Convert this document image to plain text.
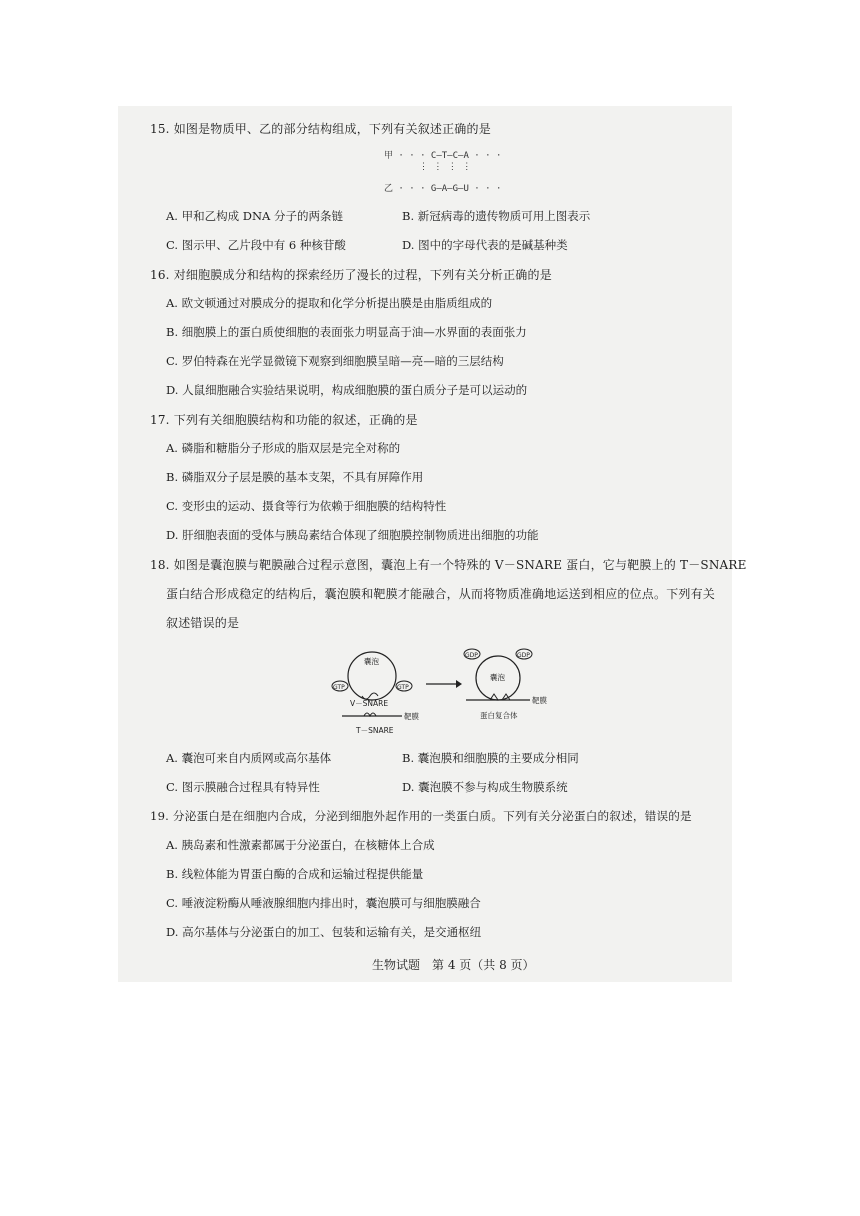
15. 如图是物质甲、乙的部分结构组成，下列有关叙述正确的是
甲 · · · C—T—C—A · · ·
⋮ ⋮ ⋮ ⋮
乙 · · · G—A—G—U · · ·
A. 甲和乙构成 DNA 分子的两条链	B. 新冠病毒的遗传物质可用上图表示
C. 图示甲、乙片段中有 6 种核苷酸	D. 图中的字母代表的是碱基种类
16. 对细胞膜成分和结构的探索经历了漫长的过程，下列有关分析正确的是
A. 欧文顿通过对膜成分的提取和化学分析提出膜是由脂质组成的
B. 细胞膜上的蛋白质使细胞的表面张力明显高于油—水界面的表面张力
C. 罗伯特森在光学显微镜下观察到细胞膜呈暗—亮—暗的三层结构
D. 人鼠细胞融合实验结果说明，构成细胞膜的蛋白质分子是可以运动的
17. 下列有关细胞膜结构和功能的叙述，正确的是
A. 磷脂和糖脂分子形成的脂双层是完全对称的
B. 磷脂双分子层是膜的基本支架，不具有屏障作用
C. 变形虫的运动、摄食等行为依赖于细胞膜的结构特性
D. 肝细胞表面的受体与胰岛素结合体现了细胞膜控制物质进出细胞的功能
18. 如图是囊泡膜与靶膜融合过程示意图，囊泡上有一个特殊的 V－SNARE 蛋白，它与靶膜上的 T－SNARE
蛋白结合形成稳定的结构后，囊泡膜和靶膜才能融合，从而将物质准确地运送到相应的位点。下列有关
叙述错误的是
囊泡
GTP	GTP
V－SNARE
靶膜
T－SNARE
囊泡
GDP	GDP
靶膜
蛋白复合体
A. 囊泡可来自内质网或高尔基体	B. 囊泡膜和细胞膜的主要成分相同
C. 图示膜融合过程具有特异性	D. 囊泡膜不参与构成生物膜系统
19. 分泌蛋白是在细胞内合成，分泌到细胞外起作用的一类蛋白质。下列有关分泌蛋白的叙述，错误的是
A. 胰岛素和性激素都属于分泌蛋白，在核糖体上合成
B. 线粒体能为胃蛋白酶的合成和运输过程提供能量
C. 唾液淀粉酶从唾液腺细胞内排出时，囊泡膜可与细胞膜融合
D. 高尔基体与分泌蛋白的加工、包装和运输有关，是交通枢纽
生物试题　第 4 页（共 8 页）
